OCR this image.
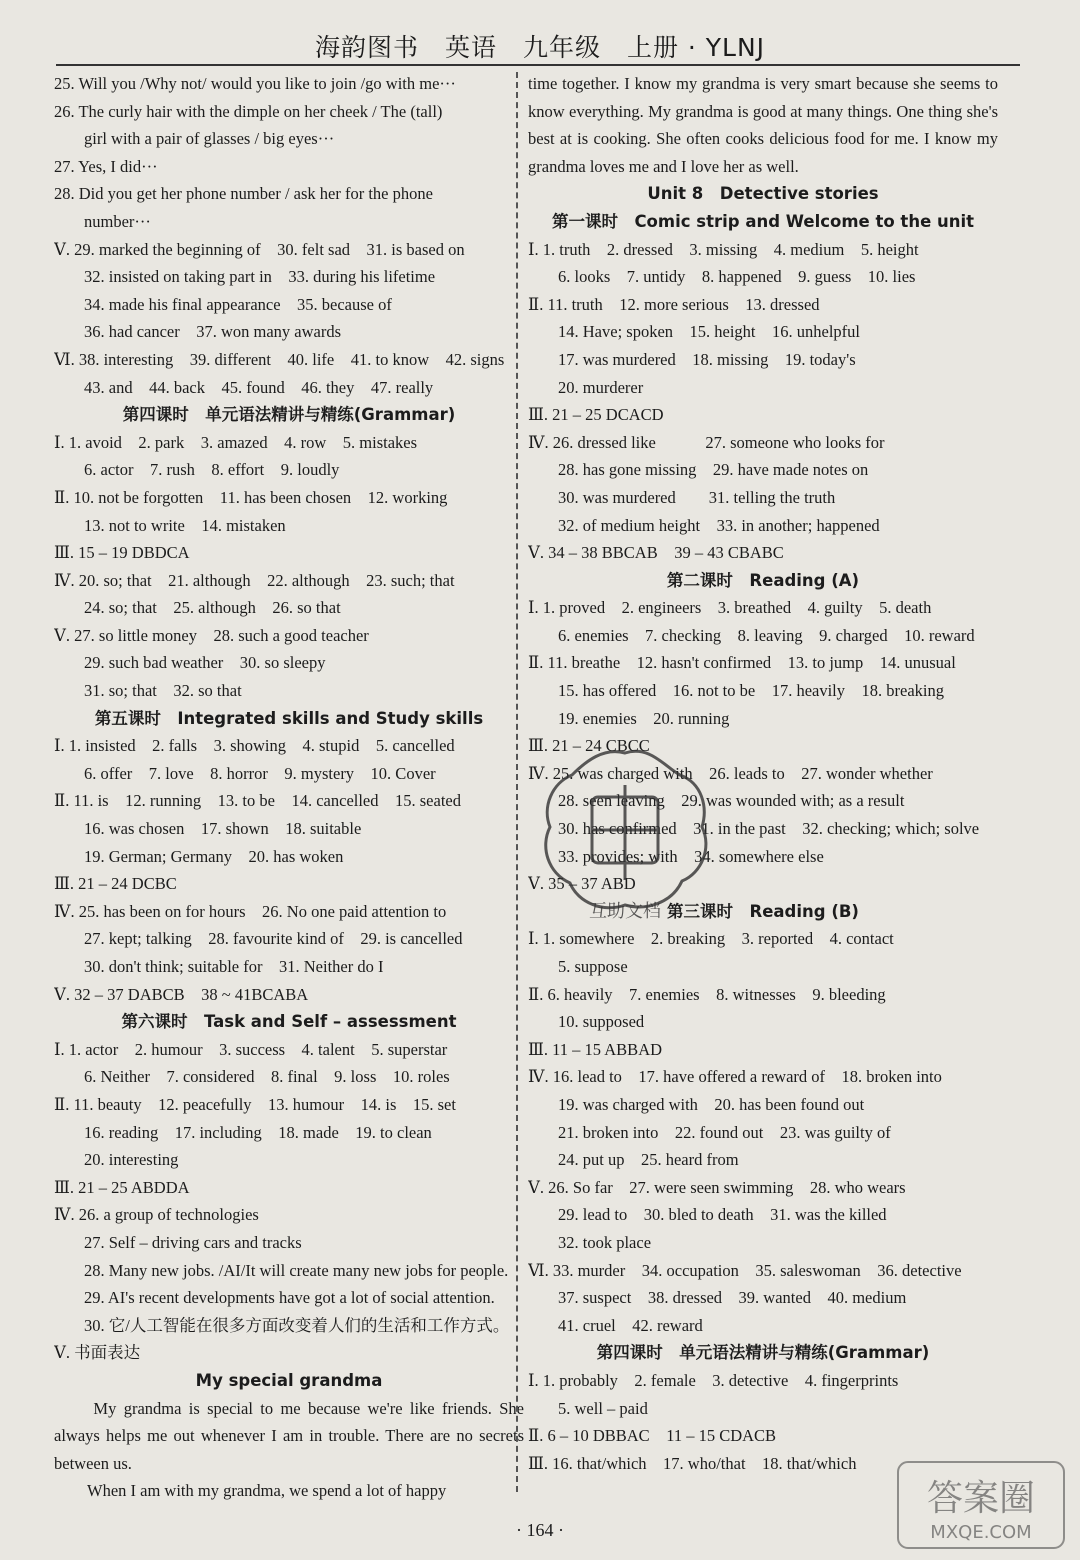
海韵图书　英语　九年级　上册 · YLNJ
25. Will you /Why not/ would you like to join /go with me···
26. The curly hair with the dimple on her cheek / The (tall)
girl with a pair of glasses / big eyes···
27. Yes, I did···
28. Did you get her phone number / ask her for the phone
number···
Ⅴ. 29. marked the beginning of　30. felt sad　31. is based on
32. insisted on taking part in　33. during his lifetime
34. made his final appearance　35. because of
36. had cancer　37. won many awards
Ⅵ. 38. interesting　39. different　40. life　41. to know　42. signs
43. and　44. back　45. found　46. they　47. really
第四课时　单元语法精讲与精练(Grammar)
Ⅰ. 1. avoid　2. park　3. amazed　4. row　5. mistakes
6. actor　7. rush　8. effort　9. loudly
Ⅱ. 10. not be forgotten　11. has been chosen　12. working
13. not to write　14. mistaken
Ⅲ. 15 – 19 DBDCA
Ⅳ. 20. so; that　21. although　22. although　23. such; that
24. so; that　25. although　26. so that
Ⅴ. 27. so little money　28. such a good teacher
29. such bad weather　30. so sleepy
31. so; that　32. so that
第五课时　Integrated skills and Study skills
Ⅰ. 1. insisted　2. falls　3. showing　4. stupid　5. cancelled
6. offer　7. love　8. horror　9. mystery　10. Cover
Ⅱ. 11. is　12. running　13. to be　14. cancelled　15. seated
16. was chosen　17. shown　18. suitable
19. German; Germany　20. has woken
Ⅲ. 21 – 24 DCBC
Ⅳ. 25. has been on for hours　26. No one paid attention to
27. kept; talking　28. favourite kind of　29. is cancelled
30. don't think; suitable for　31. Neither do I
Ⅴ. 32 – 37 DABCB　38 ~ 41BCABA
第六课时　Task and Self – assessment
Ⅰ. 1. actor　2. humour　3. success　4. talent　5. superstar
6. Neither　7. considered　8. final　9. loss　10. roles
Ⅱ. 11. beauty　12. peacefully　13. humour　14. is　15. set
16. reading　17. including　18. made　19. to clean
20. interesting
Ⅲ. 21 – 25 ABDDA
Ⅳ. 26. a group of technologies
27. Self – driving cars and tracks
28. Many new jobs. /AI/It will create many new jobs for people.
29. AI's recent developments have got a lot of social attention.
30. 它/人工智能在很多方面改变着人们的生活和工作方式。
Ⅴ. 书面表达
My special grandma
　　My grandma is special to me because we're like friends. She always helps me out whenever I am in trouble. There are no secrets between us.
　　When I am with my grandma, we spend a lot of happy
time together. I know my grandma is very smart because she seems to know everything. My grandma is good at many things. One thing she's best at is cooking. She often cooks delicious food for me. I know my grandma loves me and I love her as well.
Unit 8　Detective stories
第一课时　Comic strip and Welcome to the unit
Ⅰ. 1. truth　2. dressed　3. missing　4. medium　5. height
6. looks　7. untidy　8. happened　9. guess　10. lies
Ⅱ. 11. truth　12. more serious　13. dressed
14. Have; spoken　15. height　16. unhelpful
17. was murdered　18. missing　19. today's
20. murderer
Ⅲ. 21 – 25 DCACD
Ⅳ. 26. dressed like　　　27. someone who looks for
28. has gone missing　29. have made notes on
30. was murdered　　31. telling the truth
32. of medium height　33. in another; happened
Ⅴ. 34 – 38 BBCAB　39 – 43 CBABC
第二课时　Reading (A)
Ⅰ. 1. proved　2. engineers　3. breathed　4. guilty　5. death
6. enemies　7. checking　8. leaving　9. charged　10. reward
Ⅱ. 11. breathe　12. hasn't confirmed　13. to jump　14. unusual
15. has offered　16. not to be　17. heavily　18. breaking
19. enemies　20. running
Ⅲ. 21 – 24 CBCC
Ⅳ. 25. was charged with　26. leads to　27. wonder whether
28. seen leaving　29. was wounded with; as a result
30. has confirmed　31. in the past　32. checking; which; solve
33. provides; with　34. somewhere else
Ⅴ. 35 – 37 ABD
第三课时　Reading (B)
Ⅰ. 1. somewhere　2. breaking　3. reported　4. contact
5. suppose
Ⅱ. 6. heavily　7. enemies　8. witnesses　9. bleeding
10. supposed
Ⅲ. 11 – 15 ABBAD
Ⅳ. 16. lead to　17. have offered a reward of　18. broken into
19. was charged with　20. has been found out
21. broken into　22. found out　23. was guilty of
24. put up　25. heard from
Ⅴ. 26. So far　27. were seen swimming　28. who wears
29. lead to　30. bled to death　31. was the killed
32. took place
Ⅵ. 33. murder　34. occupation　35. saleswoman　36. detective
37. suspect　38. dressed　39. wanted　40. medium
41. cruel　42. reward
第四课时　单元语法精讲与精练(Grammar)
Ⅰ. 1. probably　2. female　3. detective　4. fingerprints
5. well – paid
Ⅱ. 6 – 10 DBBAC　11 – 15 CDACB
Ⅲ. 16. that/which　17. who/that　18. that/which
互助文档
· 164 ·
答案圈
MXQE.COM
